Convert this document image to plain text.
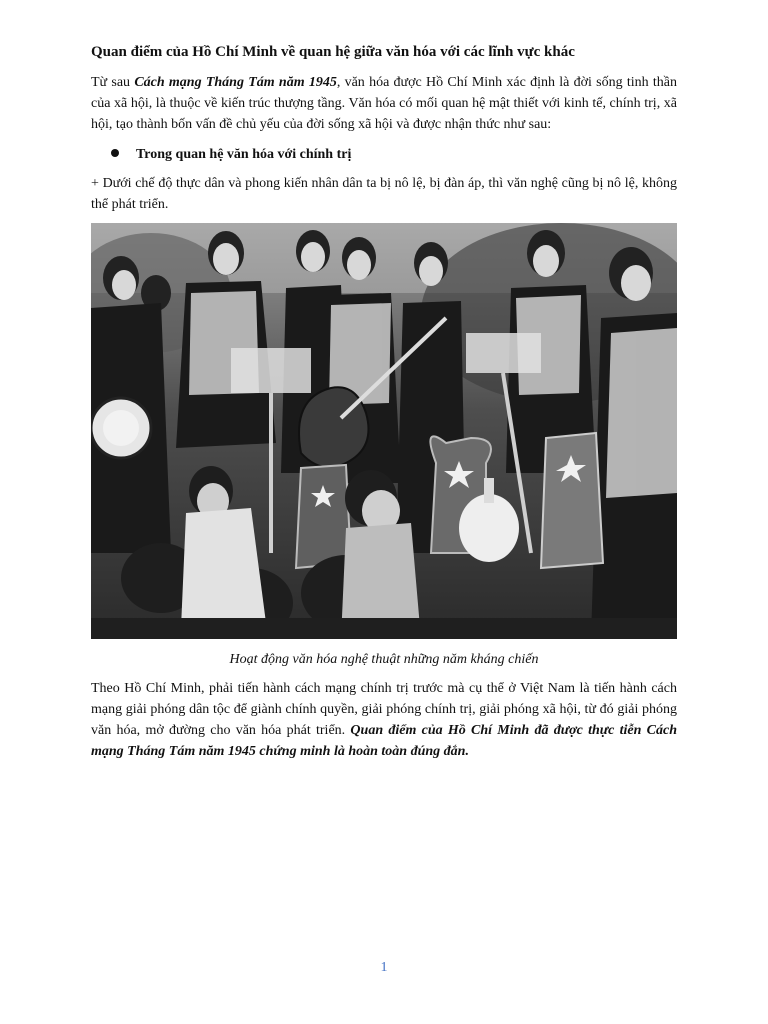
Quan điểm của Hồ Chí Minh về quan hệ giữa văn hóa với các lĩnh vực khác

Từ sau Cách mạng Tháng Tám năm 1945, văn hóa được Hồ Chí Minh xác định là đời sống tinh thần của xã hội, là thuộc về kiến trúc thượng tầng. Văn hóa có mối quan hệ mật thiết với kinh tế, chính trị, xã hội, tạo thành bốn vấn đề chủ yếu của đời sống xã hội và được nhận thức như sau:

Trong quan hệ văn hóa với chính trị

+ Dưới chế độ thực dân và phong kiến nhân dân ta bị nô lệ, bị đàn áp, thì văn nghệ cũng bị nô lệ, không thể phát triển.

Hoạt động văn hóa nghệ thuật những năm kháng chiến

Theo Hồ Chí Minh, phải tiến hành cách mạng chính trị trước mà cụ thể ở Việt Nam là tiến hành cách mạng giải phóng dân tộc để giành chính quyền, giải phóng chính trị, giải phóng xã hội, từ đó giải phóng văn hóa, mở đường cho văn hóa phát triển. Quan điểm của Hồ Chí Minh đã được thực tiễn Cách mạng Tháng Tám năm 1945 chứng minh là hoàn toàn đúng đắn.

1
